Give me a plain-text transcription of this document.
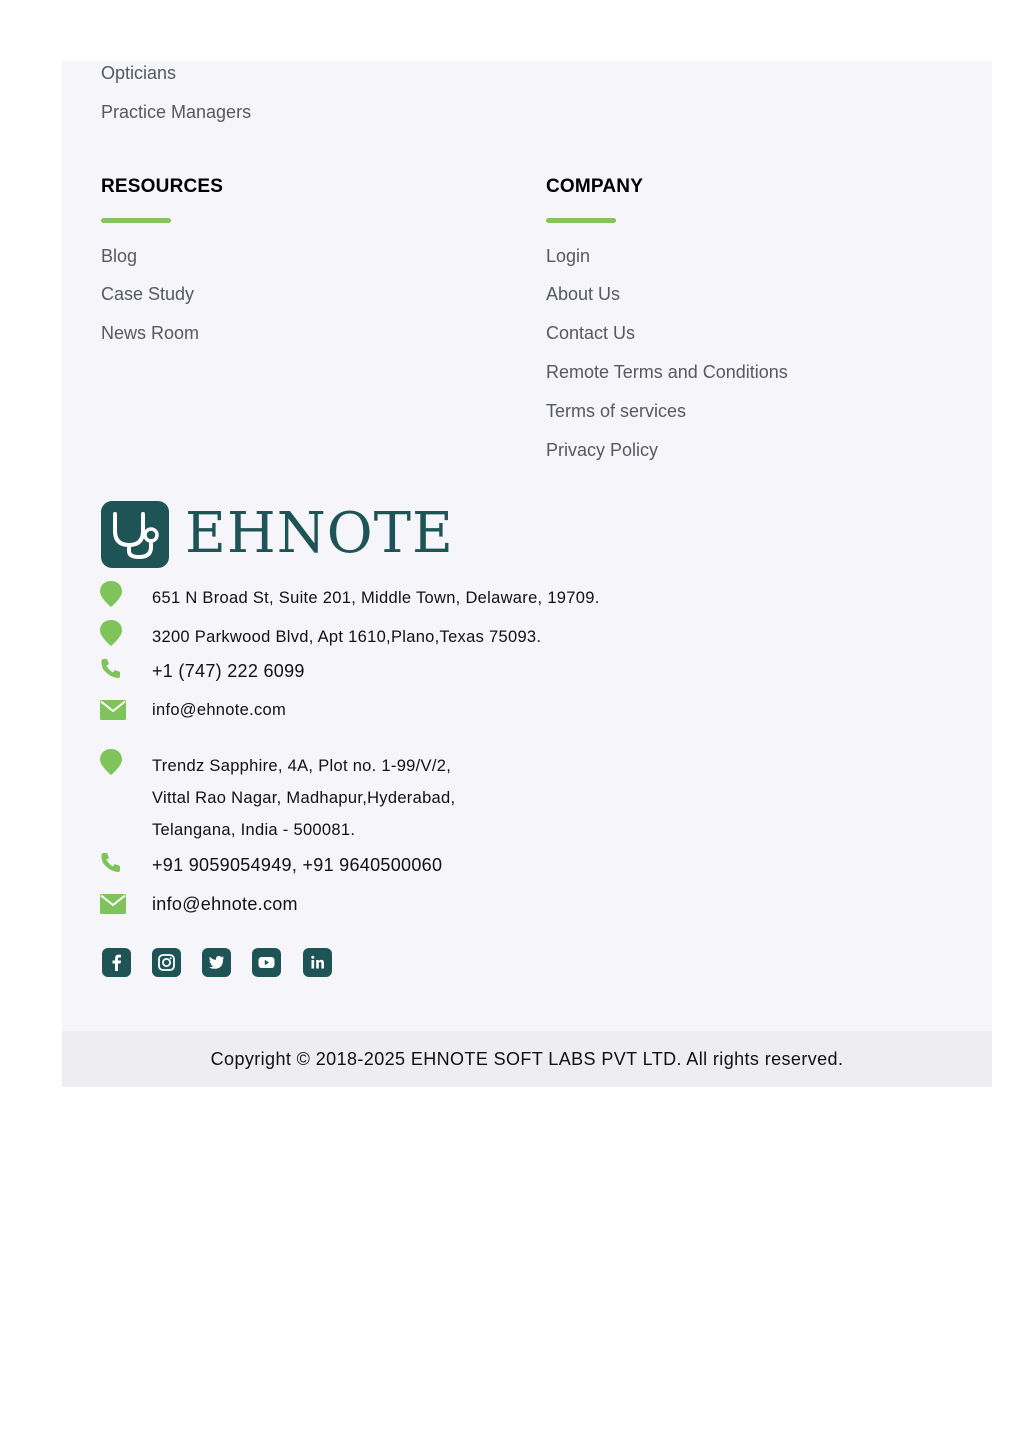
Opticians
Practice Managers
RESOURCES
Blog
Case Study
News Room
COMPANY
Login
About Us
Contact Us
Remote Terms and Conditions
Terms of services
Privacy Policy
EHNOTE
651 N Broad St, Suite 201, Middle Town, Delaware, 19709.
3200 Parkwood Blvd, Apt 1610,Plano,Texas 75093.
+1 (747) 222 6099
info@ehnote.com
Trendz Sapphire, 4A, Plot no. 1-99/V/2,
Vittal Rao Nagar, Madhapur,Hyderabad,
Telangana, India - 500081.
+91 9059054949, +91 9640500060
info@ehnote.com
Copyright © 2018-2025 EHNOTE SOFT LABS PVT LTD. All rights reserved.
